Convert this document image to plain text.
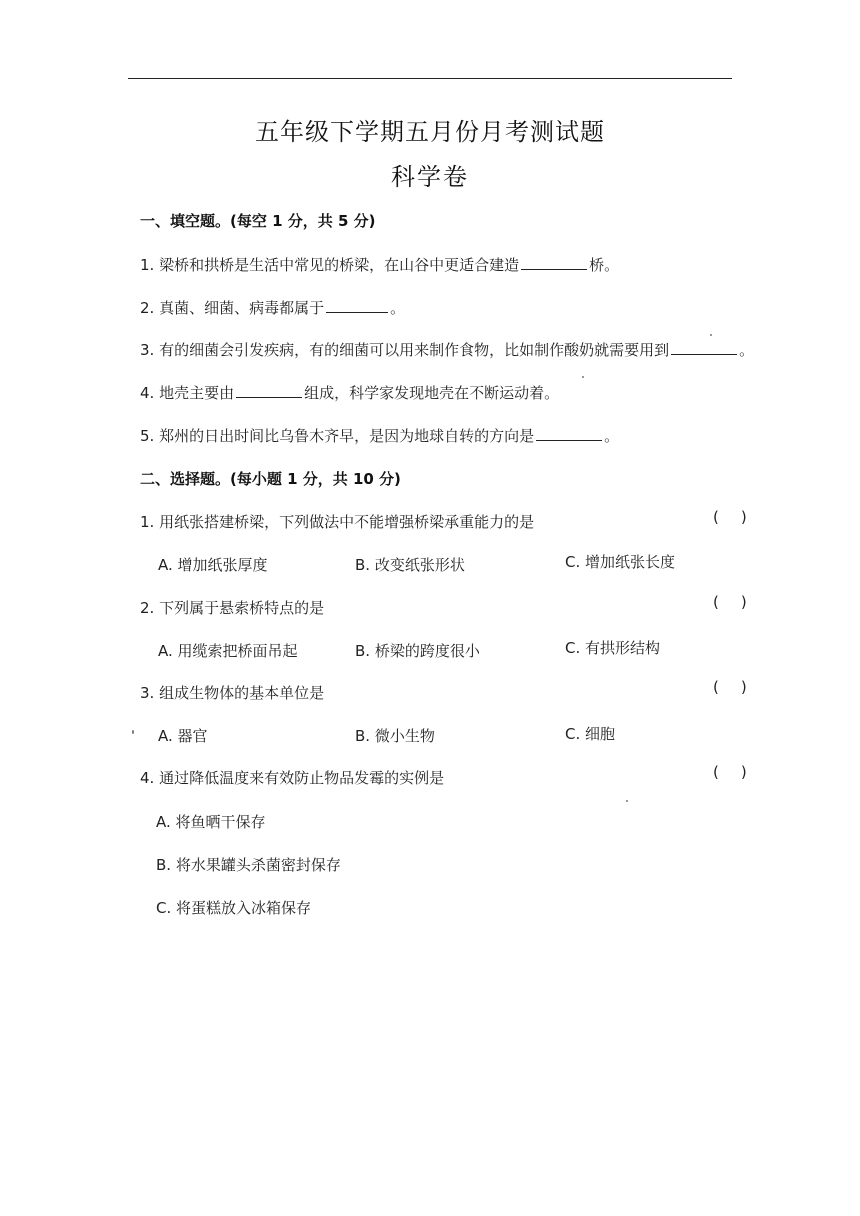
五年级下学期五月份月考测试题
科学卷
一、填空题。(每空 1 分，共 5 分)
1. 梁桥和拱桥是生活中常见的桥梁，在山谷中更适合建造	桥。
2. 真菌、细菌、病毒都属于	。
3. 有的细菌会引发疾病，有的细菌可以用来制作食物，比如制作酸奶就需要用到	。
4. 地壳主要由	组成，科学家发现地壳在不断运动着。
5. 郑州的日出时间比乌鲁木齐早，是因为地球自转的方向是	。
二、选择题。(每小题 1 分，共 10 分)
1. 用纸张搭建桥梁，下列做法中不能增强桥梁承重能力的是	( )
A. 增加纸张厚度	B. 改变纸张形状	C. 增加纸张长度
2. 下列属于悬索桥特点的是	( )
A. 用缆索把桥面吊起	B. 桥梁的跨度很小	C. 有拱形结构
3. 组成生物体的基本单位是	( )
A. 器官	B. 微小生物	C. 细胞
4. 通过降低温度来有效防止物品发霉的实例是	( )
A. 将鱼晒干保存
B. 将水果罐头杀菌密封保存
C. 将蛋糕放入冰箱保存
